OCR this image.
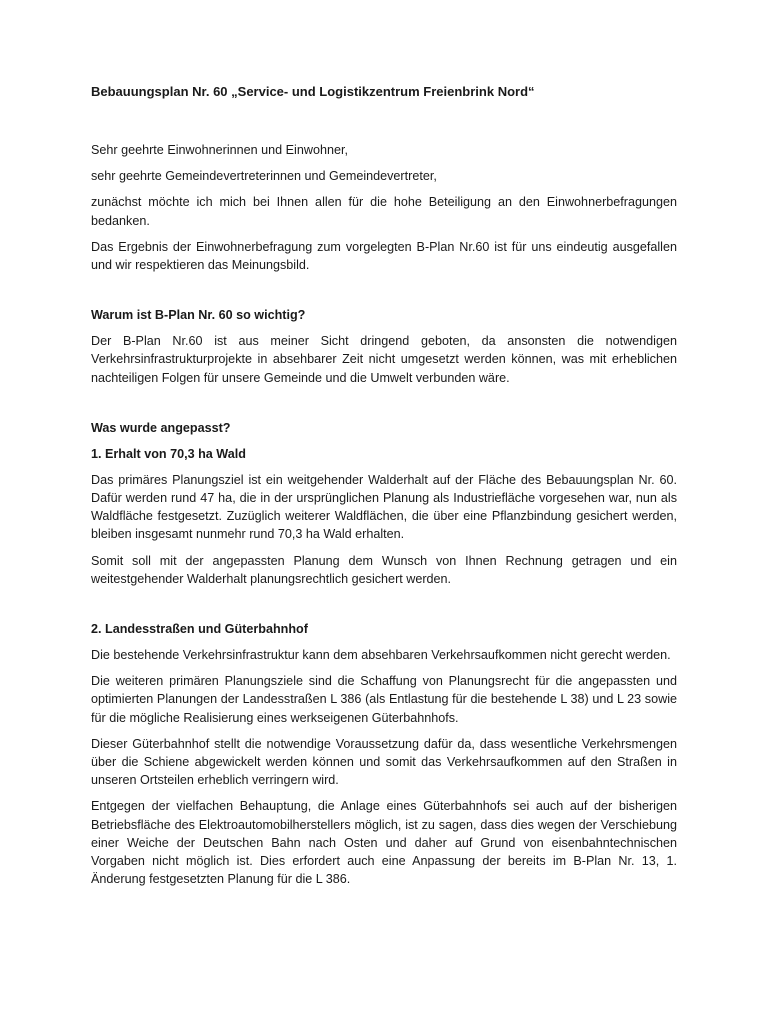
Bebauungsplan Nr. 60 „Service- und Logistikzentrum Freienbrink Nord“

Sehr geehrte Einwohnerinnen und Einwohner,

sehr geehrte Gemeindevertreterinnen und Gemeindevertreter,

zunächst möchte ich mich bei Ihnen allen für die hohe Beteiligung an den Einwohnerbefragungen bedanken.

Das Ergebnis der Einwohnerbefragung zum vorgelegten B-Plan Nr.60 ist für uns eindeutig ausgefallen und wir respektieren das Meinungsbild.

Warum ist B-Plan Nr. 60 so wichtig?

Der B-Plan Nr.60 ist aus meiner Sicht dringend geboten, da ansonsten die notwendigen Verkehrsinfrastrukturprojekte in absehbarer Zeit nicht umgesetzt werden können, was mit erheblichen nachteiligen Folgen für unsere Gemeinde und die Umwelt verbunden wäre.

Was wurde angepasst?
1. Erhalt von 70,3 ha Wald

Das primäres Planungsziel ist ein weitgehender Walderhalt auf der Fläche des Bebauungsplan Nr. 60. Dafür werden rund 47 ha, die in der ursprünglichen Planung als Industriefläche vorgesehen war, nun als Waldfläche festgesetzt. Zuzüglich weiterer Waldflächen, die über eine Pflanzbindung gesichert werden, bleiben insgesamt nunmehr rund 70,3 ha Wald erhalten.

Somit soll mit der angepassten Planung dem Wunsch von Ihnen Rechnung getragen und ein weitestgehender Walderhalt planungsrechtlich gesichert werden.

2. Landesstraßen und Güterbahnhof

Die bestehende Verkehrsinfrastruktur kann dem absehbaren Verkehrsaufkommen nicht gerecht werden.

Die weiteren primären Planungsziele sind die Schaffung von Planungsrecht für die angepassten und optimierten Planungen der Landesstraßen L 386 (als Entlastung für die bestehende L 38) und L 23 sowie für die mögliche Realisierung eines werkseigenen Güterbahnhofs.

Dieser Güterbahnhof stellt die notwendige Voraussetzung dafür da, dass wesentliche Verkehrsmengen über die Schiene abgewickelt werden können und somit das Verkehrsaufkommen auf den Straßen in unseren Ortsteilen erheblich verringern wird.

Entgegen der vielfachen Behauptung, die Anlage eines Güterbahnhofs sei auch auf der bisherigen Betriebsfläche des Elektroautomobilherstellers möglich, ist zu sagen, dass dies wegen der Verschiebung einer Weiche der Deutschen Bahn nach Osten und daher auf Grund von eisenbahntechnischen Vorgaben nicht möglich ist. Dies erfordert auch eine Anpassung der bereits im B-Plan Nr. 13, 1. Änderung festgesetzten Planung für die L 386.
